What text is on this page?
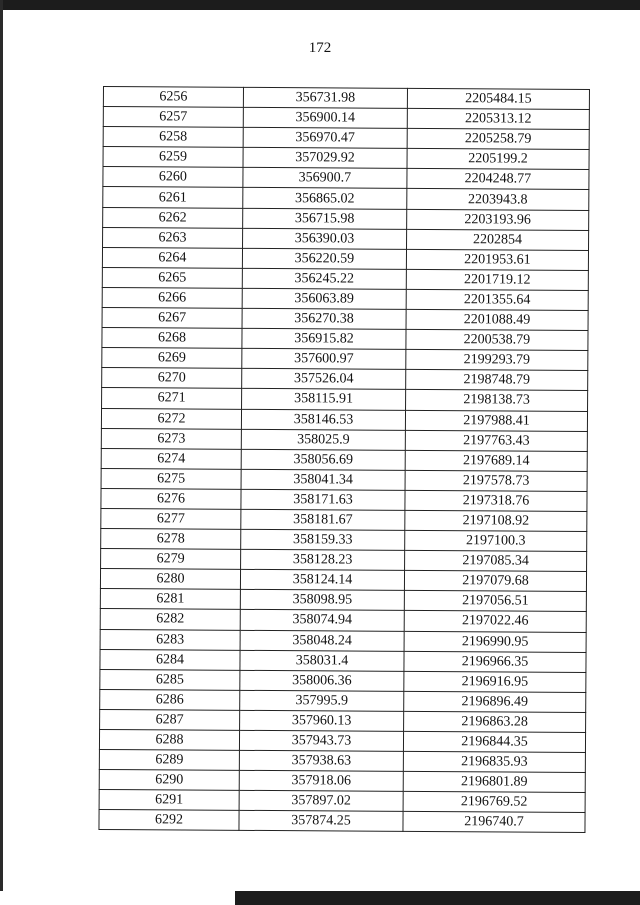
172
6256	356731.98	2205484.15
6257	356900.14	2205313.12
6258	356970.47	2205258.79
6259	357029.92	2205199.2
6260	356900.7	2204248.77
6261	356865.02	2203943.8
6262	356715.98	2203193.96
6263	356390.03	2202854
6264	356220.59	2201953.61
6265	356245.22	2201719.12
6266	356063.89	2201355.64
6267	356270.38	2201088.49
6268	356915.82	2200538.79
6269	357600.97	2199293.79
6270	357526.04	2198748.79
6271	358115.91	2198138.73
6272	358146.53	2197988.41
6273	358025.9	2197763.43
6274	358056.69	2197689.14
6275	358041.34	2197578.73
6276	358171.63	2197318.76
6277	358181.67	2197108.92
6278	358159.33	2197100.3
6279	358128.23	2197085.34
6280	358124.14	2197079.68
6281	358098.95	2197056.51
6282	358074.94	2197022.46
6283	358048.24	2196990.95
6284	358031.4	2196966.35
6285	358006.36	2196916.95
6286	357995.9	2196896.49
6287	357960.13	2196863.28
6288	357943.73	2196844.35
6289	357938.63	2196835.93
6290	357918.06	2196801.89
6291	357897.02	2196769.52
6292	357874.25	2196740.7
